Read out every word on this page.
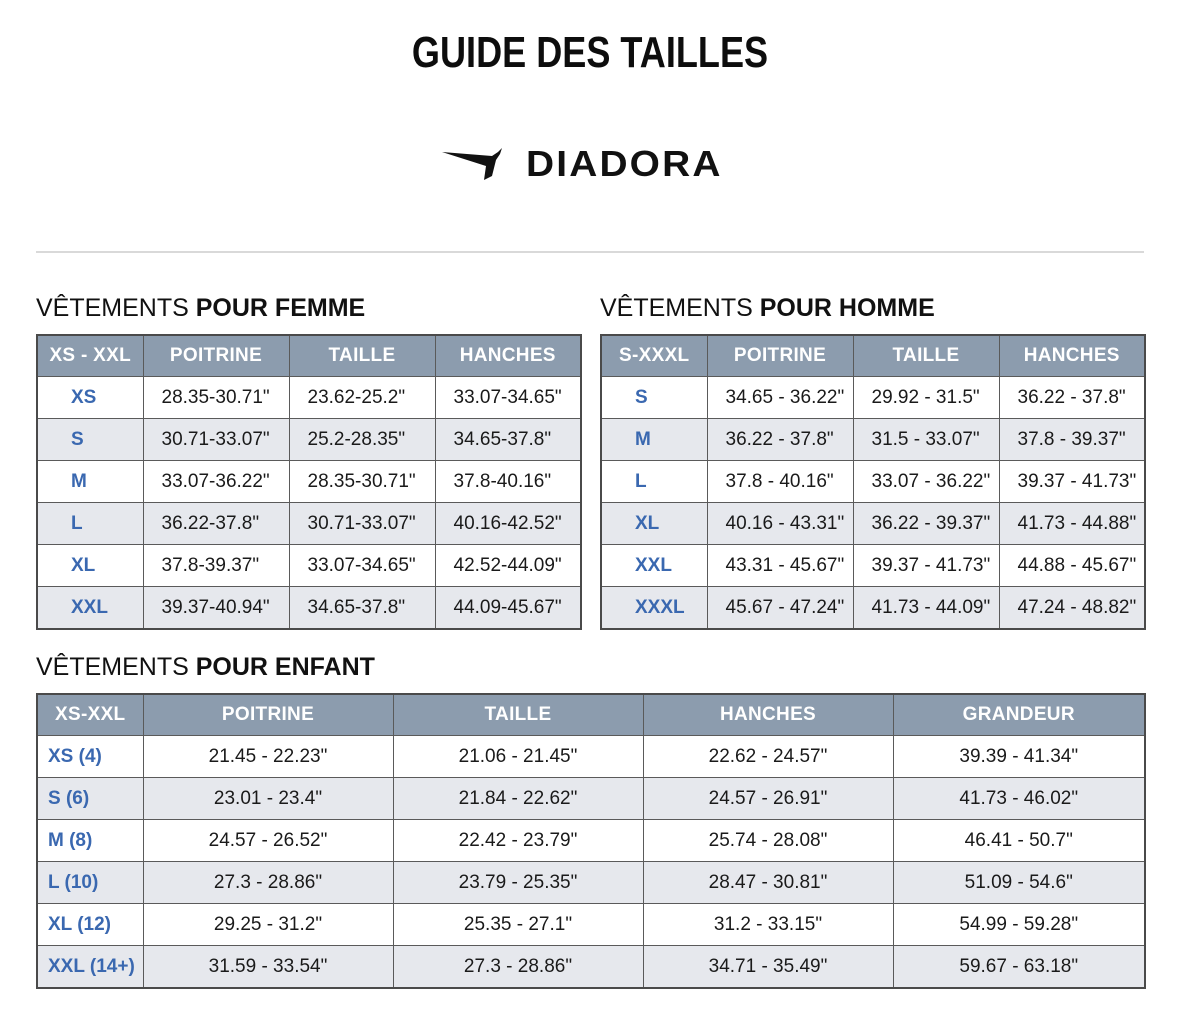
GUIDE DES TAILLES
DIADORA
VÊTEMENTS POUR FEMME
XS - XXL	POITRINE	TAILLE	HANCHES
XS	28.35-30.71"	23.62-25.2"	33.07-34.65"
S	30.71-33.07"	25.2-28.35"	34.65-37.8"
M	33.07-36.22"	28.35-30.71"	37.8-40.16"
L	36.22-37.8"	30.71-33.07"	40.16-42.52"
XL	37.8-39.37"	33.07-34.65"	42.52-44.09"
XXL	39.37-40.94"	34.65-37.8"	44.09-45.67"
VÊTEMENTS POUR HOMME
S-XXXL	POITRINE	TAILLE	HANCHES
S	34.65 - 36.22"	29.92 - 31.5"	36.22 - 37.8"
M	36.22 - 37.8"	31.5 - 33.07"	37.8 - 39.37"
L	37.8 - 40.16"	33.07 - 36.22"	39.37 - 41.73"
XL	40.16 - 43.31"	36.22 - 39.37"	41.73 - 44.88"
XXL	43.31 - 45.67"	39.37 - 41.73"	44.88 - 45.67"
XXXL	45.67 - 47.24"	41.73 - 44.09"	47.24 - 48.82"
VÊTEMENTS POUR ENFANT
XS-XXL	POITRINE	TAILLE	HANCHES	GRANDEUR
XS (4)	21.45 - 22.23"	21.06 - 21.45"	22.62 - 24.57"	39.39 - 41.34"
S (6)	23.01 - 23.4"	21.84 - 22.62"	24.57 - 26.91"	41.73 - 46.02"
M (8)	24.57 - 26.52"	22.42 - 23.79"	25.74 - 28.08"	46.41 - 50.7"
L (10)	27.3 - 28.86"	23.79 - 25.35"	28.47 - 30.81"	51.09 - 54.6"
XL (12)	29.25 - 31.2"	25.35 - 27.1"	31.2 - 33.15"	54.99 - 59.28"
XXL (14+)	31.59 - 33.54"	27.3 - 28.86"	34.71 - 35.49"	59.67 - 63.18"
